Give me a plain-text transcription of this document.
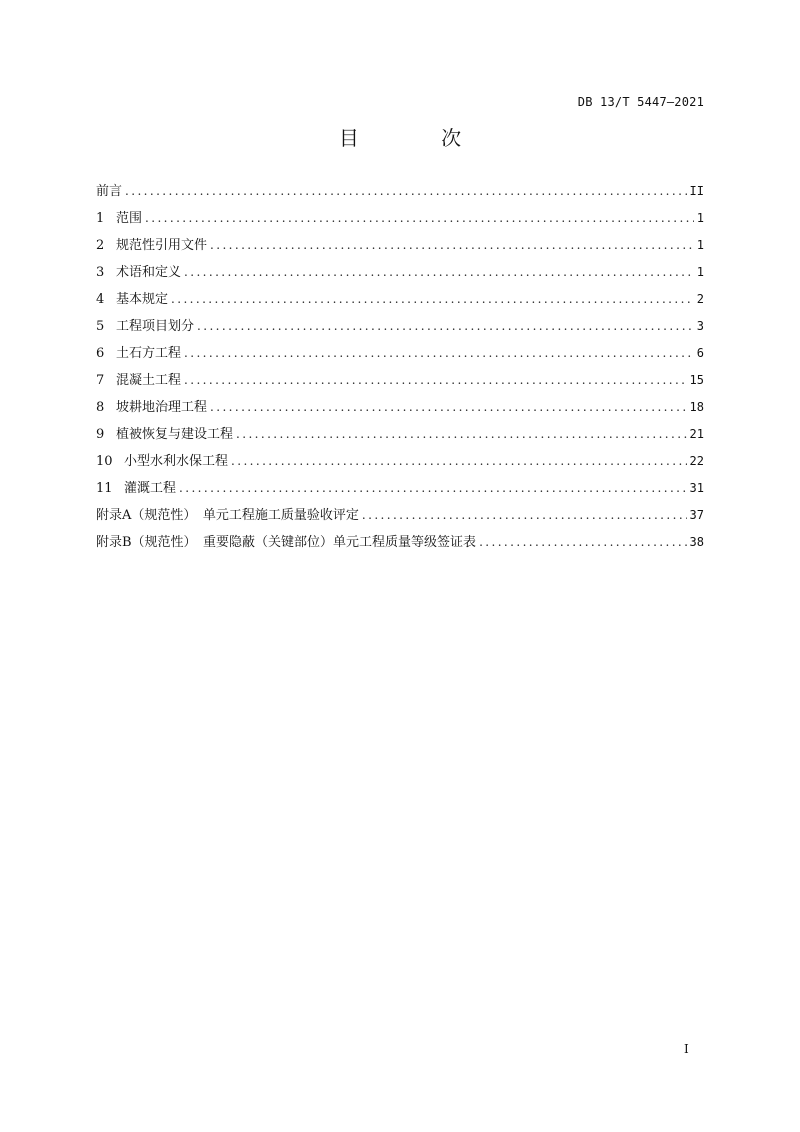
DB 13/T 5447—2021
目 次
前言 .....	II
1 范围 .....	1
2 规范性引用文件 .....	1
3 术语和定义 .....	1
4 基本规定 .....	2
5 工程项目划分 .....	3
6 土石方工程 .....	6
7 混凝土工程 .....	15
8 坡耕地治理工程 .....	18
9 植被恢复与建设工程 .....	21
10 小型水利水保工程 .....	22
11 灌溉工程 .....	31
附录A（规范性）　单元工程施工质量验收评定 .....	37
附录B（规范性）　重要隐蔽（关键部位）单元工程质量等级签证表 .....	38
I
